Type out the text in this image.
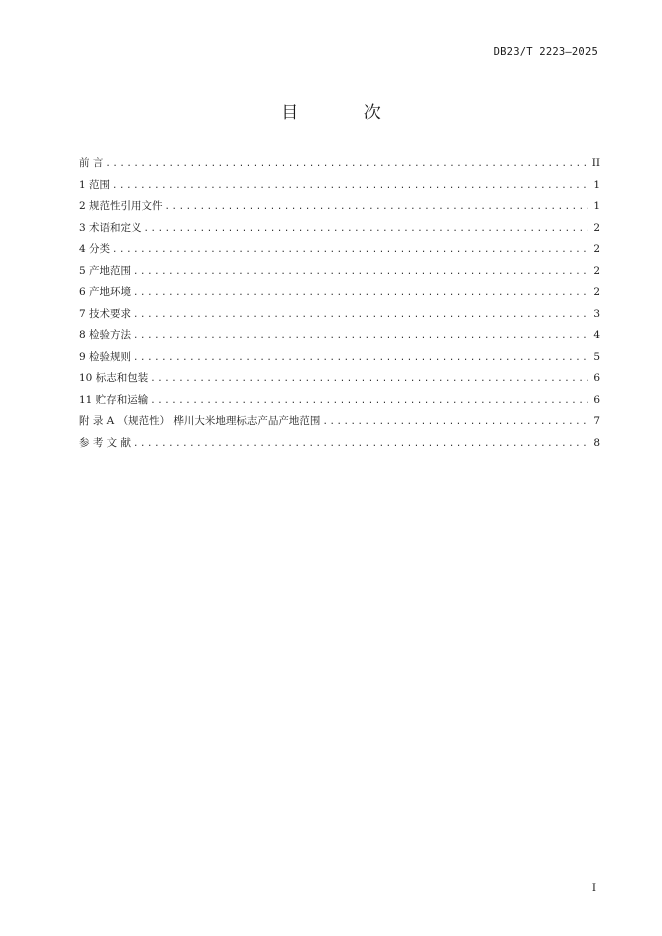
DB23/T 2223—2025
目 次
前 言 .....	II
1 范围 .....	1
2 规范性引用文件 .....	1
3 术语和定义 .....	2
4 分类 .....	2
5 产地范围 .....	2
6 产地环境 .....	2
7 技术要求 .....	3
8 检验方法 .....	4
9 检验规则 .....	5
10 标志和包装 .....	6
11 贮存和运输 .....	6
附 录 A （规范性） 桦川大米地理标志产品产地范围 .....	7
参 考 文 献 .....	8
I
